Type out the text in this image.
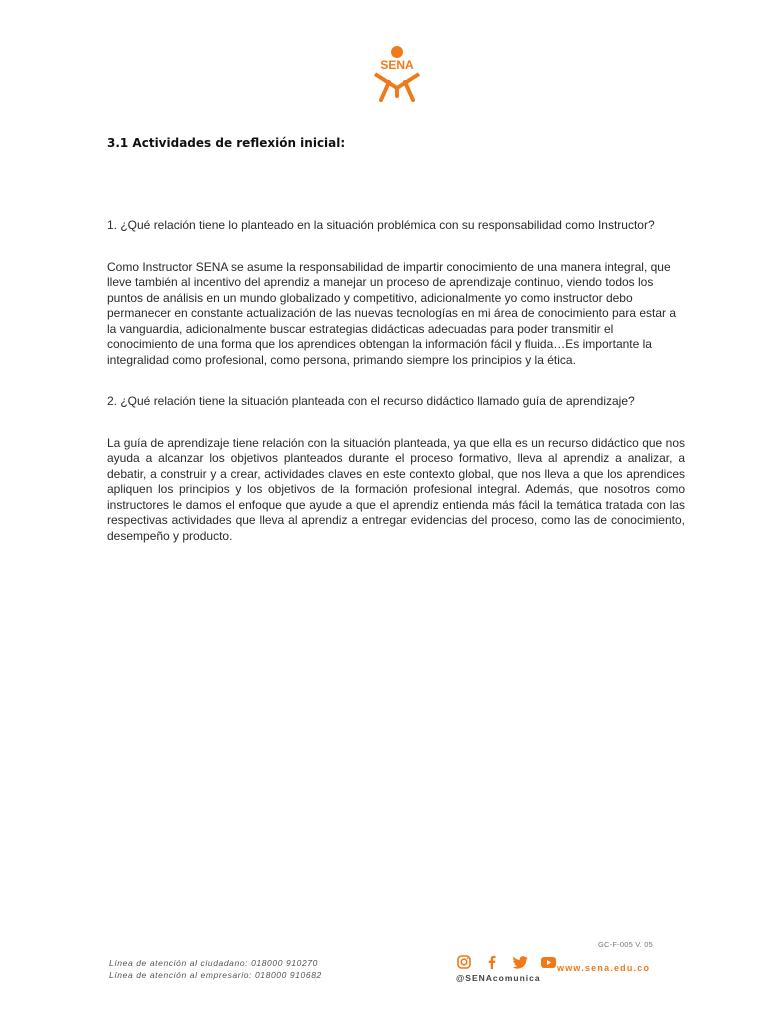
SENA
3.1 Actividades de reflexión inicial:

1. ¿Qué relación tiene lo planteado en la situación problémica con su responsabilidad como Instructor?

Como Instructor SENA se asume la responsabilidad de impartir conocimiento de una manera integral, que lleve también al incentivo del aprendiz a manejar un proceso de aprendizaje continuo, viendo todos los puntos de análisis en un mundo globalizado y competitivo, adicionalmente yo como instructor debo permanecer en constante actualización de las nuevas tecnologías en mi área de conocimiento para estar a la vanguardia, adicionalmente buscar estrategias didácticas adecuadas para poder transmitir el conocimiento de una forma que los aprendices obtengan la información fácil y fluida…Es importante la integralidad como profesional, como persona, primando siempre los principios y la ética.

2. ¿Qué relación tiene la situación planteada con el recurso didáctico llamado guía de aprendizaje?

La guía de aprendizaje tiene relación con la situación planteada, ya que ella es un recurso didáctico que nos ayuda a alcanzar los objetivos planteados durante el proceso formativo, lleva al aprendiz a analizar, a debatir, a construir y a crear, actividades claves en este contexto global, que nos lleva a que los aprendices apliquen los principios y los objetivos de la formación profesional integral. Además, que nosotros como instructores le damos el enfoque que ayude a que el aprendiz entienda más fácil la temática tratada con las respectivas actividades que lleva al aprendiz a entregar evidencias del proceso, como las de conocimiento, desempeño y producto.

GC-F-005 V. 05
Línea de atención al ciudadano: 018000 910270
Línea de atención al empresario: 018000 910682	@SENAcomunica
www.sena.edu.co
